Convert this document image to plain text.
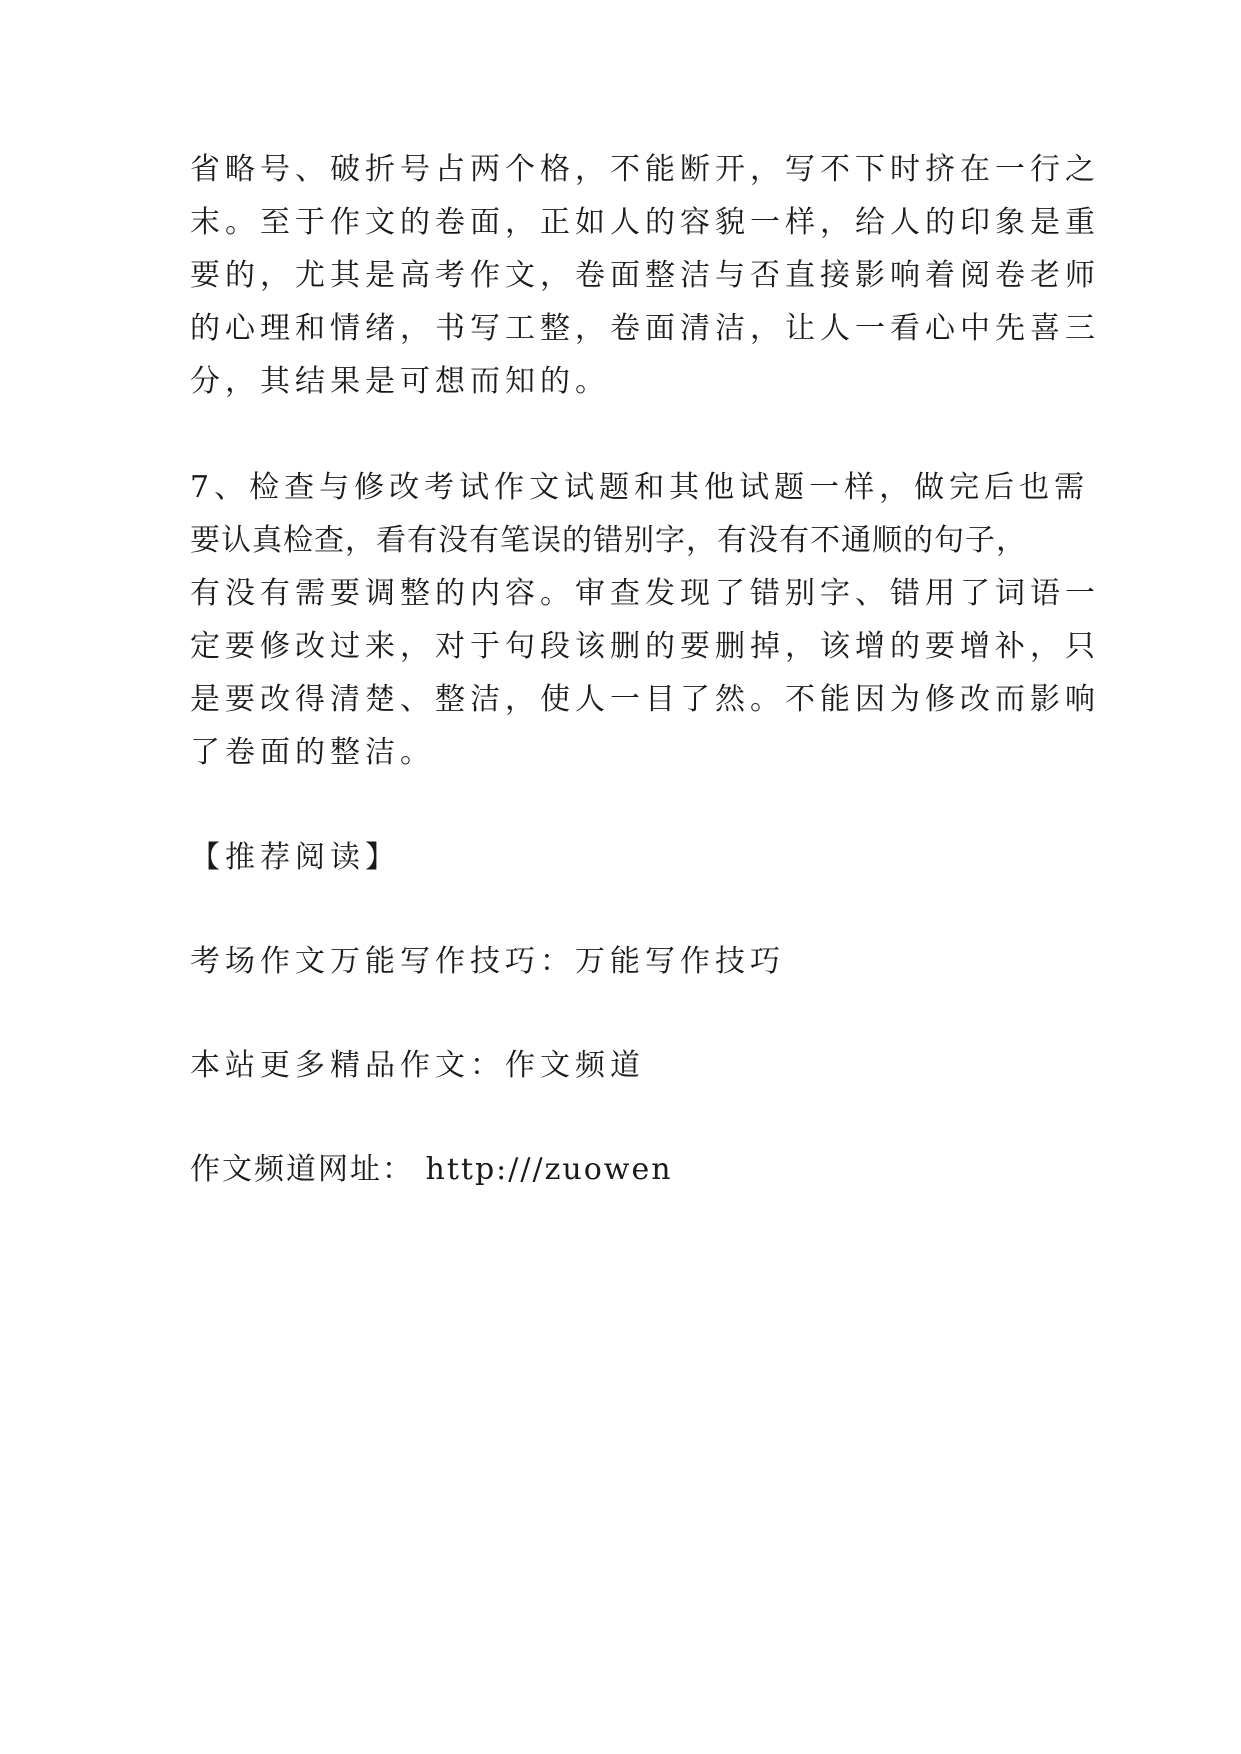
省略号、破折号占两个格，不能断开，写不下时挤在一行之
末。至于作文的卷面，正如人的容貌一样，给人的印象是重
要的，尤其是高考作文，卷面整洁与否直接影响着阅卷老师
的心理和情绪，书写工整，卷面清洁，让人一看心中先喜三
分，其结果是可想而知的。
7、检查与修改考试作文试题和其他试题一样，做完后也需
要认真检查，看有没有笔误的错别字，有没有不通顺的句子，
有没有需要调整的内容。审查发现了错别字、错用了词语一
定要修改过来，对于句段该删的要删掉，该增的要增补，只
是要改得清楚、整洁，使人一目了然。不能因为修改而影响
了卷面的整洁。
【推荐阅读】
考场作文万能写作技巧：万能写作技巧
本站更多精品作文：作文频道
作文频道网址： http:///zuowen
